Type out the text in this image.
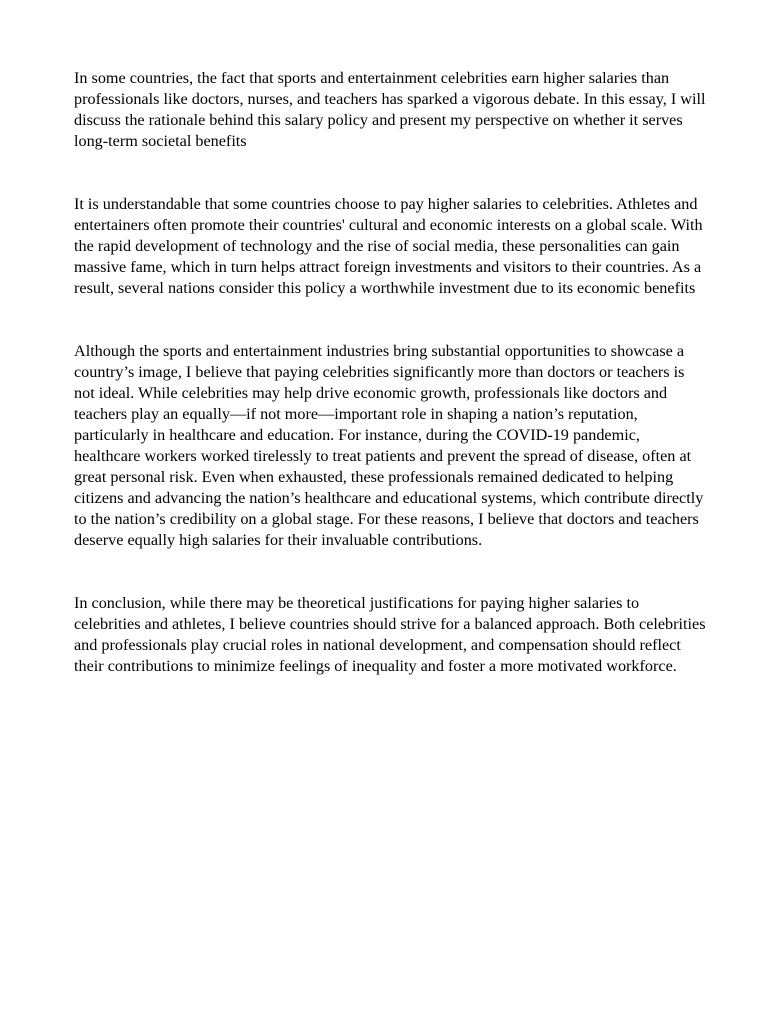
In some countries, the fact that sports and entertainment celebrities earn higher salaries than professionals like doctors, nurses, and teachers has sparked a vigorous debate. In this essay, I will discuss the rationale behind this salary policy and present my perspective on whether it serves long-term societal benefits

It is understandable that some countries choose to pay higher salaries to celebrities. Athletes and entertainers often promote their countries' cultural and economic interests on a global scale. With the rapid development of technology and the rise of social media, these personalities can gain massive fame, which in turn helps attract foreign investments and visitors to their countries. As a result, several nations consider this policy a worthwhile investment due to its economic benefits

Although the sports and entertainment industries bring substantial opportunities to showcase a country’s image, I believe that paying celebrities significantly more than doctors or teachers is not ideal. While celebrities may help drive economic growth, professionals like doctors and teachers play an equally—if not more—important role in shaping a nation’s reputation, particularly in healthcare and education. For instance, during the COVID-19 pandemic, healthcare workers worked tirelessly to treat patients and prevent the spread of disease, often at great personal risk. Even when exhausted, these professionals remained dedicated to helping citizens and advancing the nation’s healthcare and educational systems, which contribute directly to the nation’s credibility on a global stage. For these reasons, I believe that doctors and teachers deserve equally high salaries for their invaluable contributions.

In conclusion, while there may be theoretical justifications for paying higher salaries to celebrities and athletes, I believe countries should strive for a balanced approach. Both celebrities and professionals play crucial roles in national development, and compensation should reflect their contributions to minimize feelings of inequality and foster a more motivated workforce.
